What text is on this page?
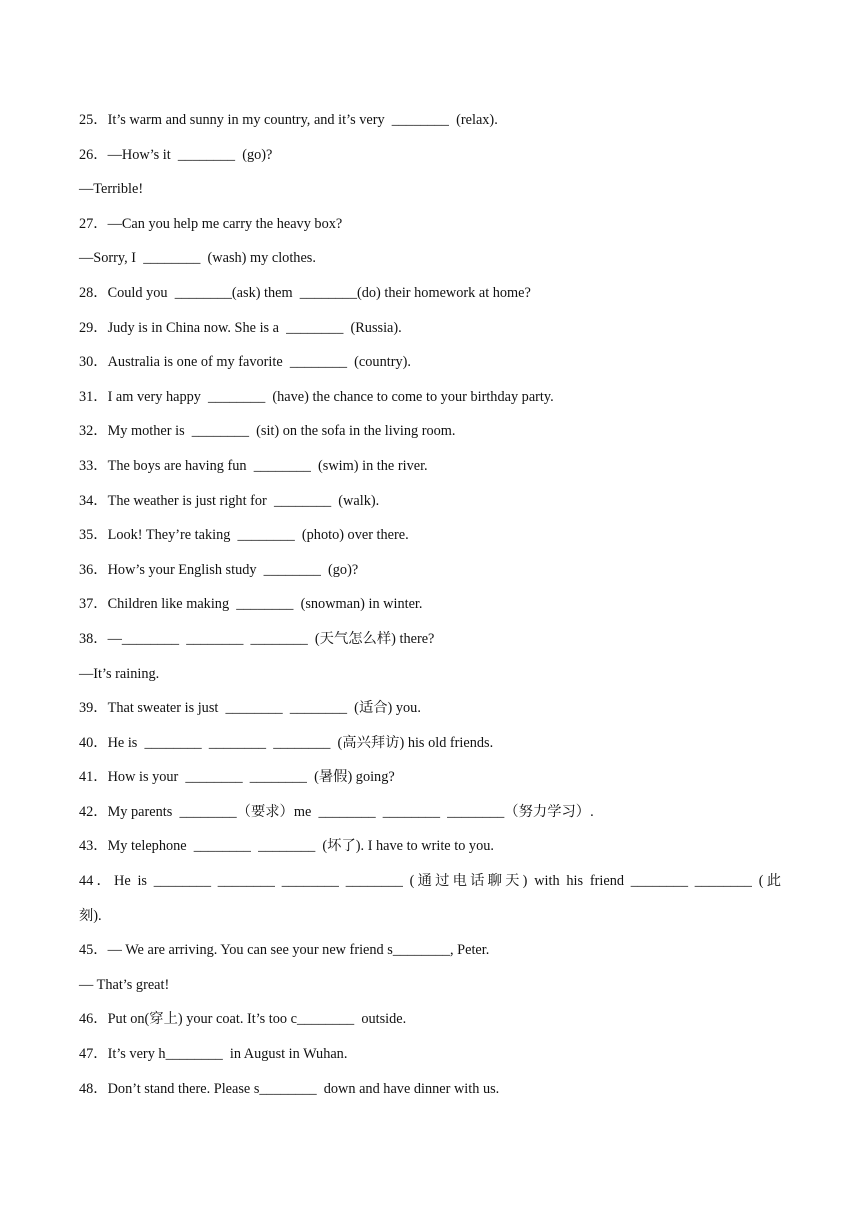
25．It’s warm and sunny in my country, and it’s very  ________  (relax).
26．—How’s it  ________  (go)?
—Terrible!
27．—Can you help me carry the heavy box?
—Sorry, I  ________  (wash) my clothes.
28．Could you  ________(ask) them  ________(do) their homework at home?
29．Judy is in China now. She is a  ________  (Russia).
30．Australia is one of my favorite  ________  (country).
31．I am very happy  ________  (have) the chance to come to your birthday party.
32．My mother is  ________  (sit) on the sofa in the living room.
33．The boys are having fun  ________  (swim) in the river.
34．The weather is just right for  ________  (walk).
35．Look! They’re taking  ________  (photo) over there.
36．How’s your English study  ________  (go)?
37．Children like making  ________  (snowman) in winter.
38．—________  ________  ________  (天气怎么样) there?
—It’s raining.
39．That sweater is just  ________  ________  (适合) you.
40．He is  ________  ________  ________  (高兴拜访) his old friends.
41．How is your  ________  ________  (暑假) going?
42．My parents  ________（要求）me  ________  ________  ________（努力学习）.
43．My telephone  ________  ________  (坏了). I have to write to you.
44．He is ________ ________ ________ ________ (通过电话聊天) with his friend ________ ________ (此
刻).
45．— We are arriving. You can see your new friend s________, Peter.
— That’s great!
46．Put on(穿上) your coat. It’s too c________  outside.
47．It’s very h________  in August in Wuhan.
48．Don’t stand there. Please s________  down and have dinner with us.
